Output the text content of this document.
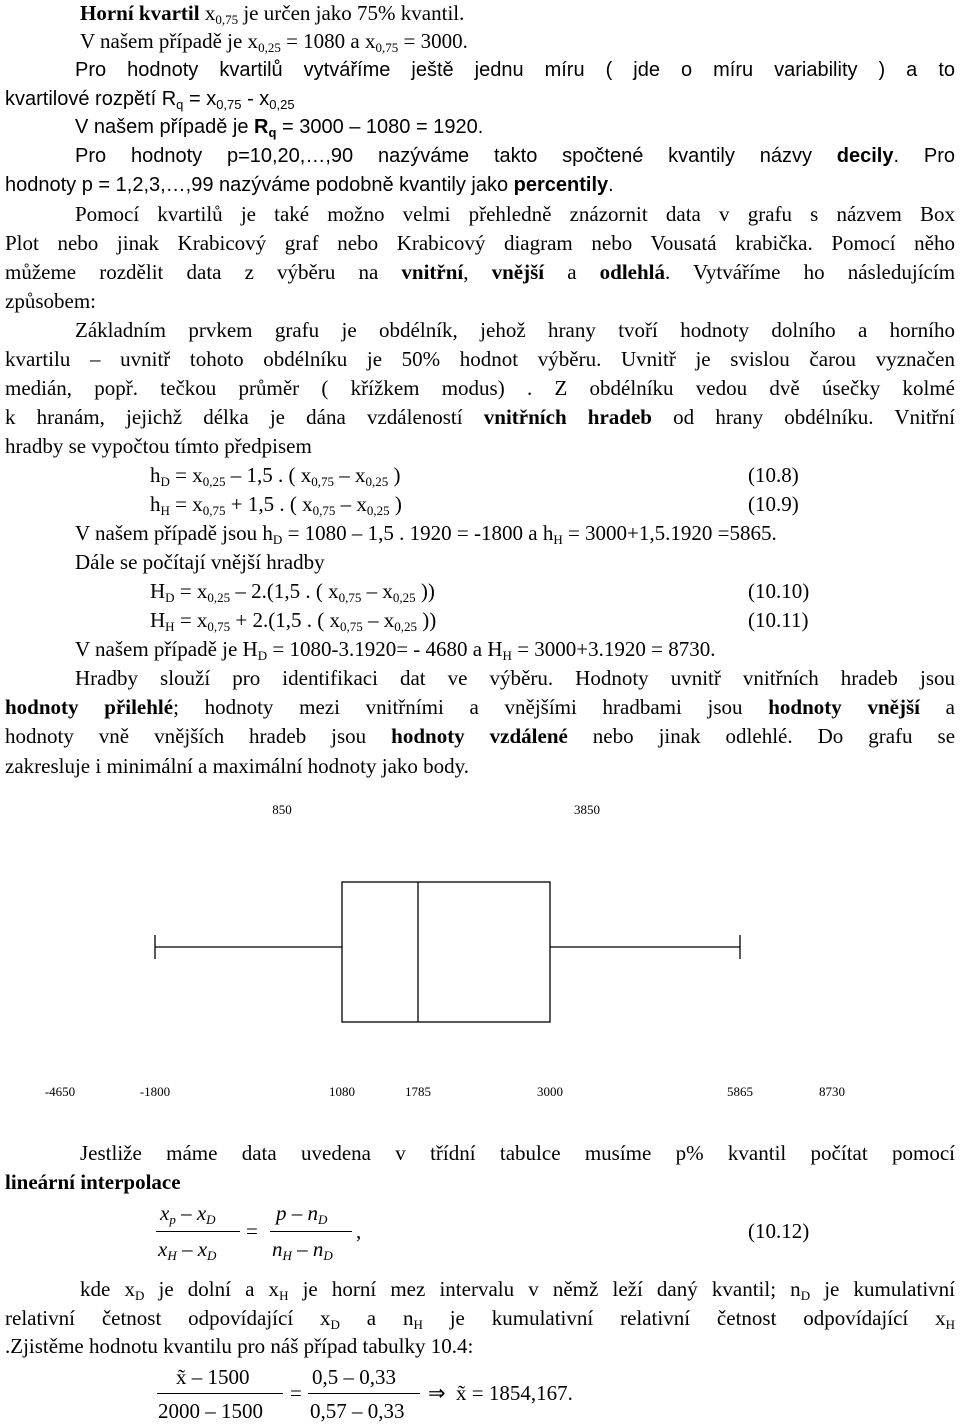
Horní kvartil $x_{0,75}$ je určen jako 75% kvantil.
V našem případě je $x_{0,25} = 1080$ a $x_{0,75} = 3000$.
Pro hodnoty kvartilů vytváříme ještě jednu míru ( jde o míru variability ) a to
kvartilové rozpětí $R_q = x_{0,75} - x_{0,25}$
V našem případě je $R_q = 3000 - 1080 = 1920$.
Pro hodnoty p=10,20,…,90 nazýváme takto spočtené kvantily názvy decily. Pro
hodnoty p = 1,2,3,…,99 nazýváme podobně kvantily jako percentily.
Pomocí kvartilů je také možno velmi přehledně znázornit data v grafu s názvem Box
Plot nebo jinak Krabicový graf nebo Krabicový diagram nebo Vousatá krabička. Pomocí něho
můžeme rozdělit data z výběru na vnitřní, vnější a odlehlá. Vytváříme ho následujícím
způsobem:
Základním prvkem grafu je obdélník, jehož hrany tvoří hodnoty dolního a horního
kvartilu – uvnitř tohoto obdélníku je 50% hodnot výběru. Uvnitř je svislou čarou vyznačen
medián, popř. tečkou průměr ( křížkem modus) . Z obdélníku vedou dvě úsečky kolmé
k hranám, jejichž délka je dána vzdáleností vnitřních hradeb od hrany obdélníku. Vnitřní
hradby se vypočtou tímto předpisem
$h_D = x_{0,25} - 1,5$ . ( $x_{0,75} - x_{0,25}$ )	(10.8)
$h_H = x_{0,75} + 1,5$ . ( $x_{0,75} - x_{0,25}$ )	(10.9)
V našem případě jsou $h_D = 1080 - 1,5$ . 1920 = -1800 a $h_H = 3000+1,5.1920 =5865$.
Dále se počítají vnější hradby
$H_D = x_{0,25} - 2.(1,5$ . ( $x_{0,75} - x_{0,25}$ ))	(10.10)
$H_H = x_{0,75} + 2.(1,5$ . ( $x_{0,75} - x_{0,25}$ ))	(10.11)
V našem případě je $H_D = 1080-3.1920= - 4680$ a $H_H = 3000+3.1920 = 8730$.
Hradby slouží pro identifikaci dat ve výběru. Hodnoty uvnitř vnitřních hradeb jsou
hodnoty přilehlé; hodnoty mezi vnitřními a vnějšími hradbami jsou hodnoty vnější a
hodnoty vně vnějších hradeb jsou hodnoty vzdálené nebo jinak odlehlé. Do grafu se
zakresluje i minimální a maximální hodnoty jako body.
850	3850
-4650	-1800	1080	1785	3000	5865	8730
Jestliže máme data uvedena v třídní tabulce musíme p% kvantil počítat pomocí
lineární interpolace
$x_p - x_D$
$x_H - x_D$
=
p – $n_D$
$n_H - n_D$
,	(10.12)
kde $x_D$ je dolní a $x_H$ je horní mez intervalu v němž leží daný kvantil; $n_D$ je kumulativní
relativní četnost odpovídající $x_D$ a $n_H$ je kumulativní relativní četnost odpovídající $x_H$
.Zjistěme hodnotu kvantilu pro náš případ tabulky 10.4:
x̃ – 1500
2000 – 1500
=
0,5 – 0,33
0,57 – 0,33
⇒ x̃ = 1854,167.
